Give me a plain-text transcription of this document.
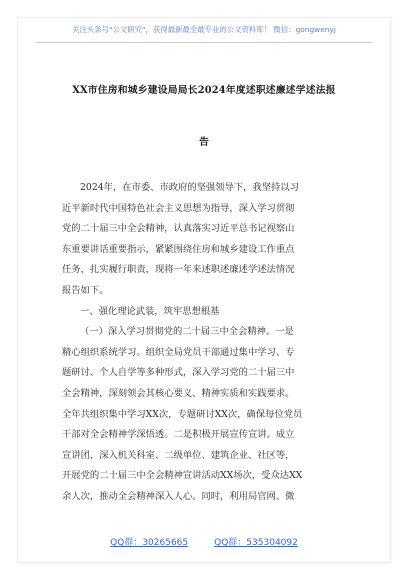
关注头条号"公文研究"，获得最新最全最专业的公文资料库！ 微信：gongwenyj
XX市住房和城乡建设局局长2024年度述职述廉述学述法报
告

2024年，在市委、市政府的坚强领导下，我坚持以习
近平新时代中国特色社会主义思想为指导，深入学习贯彻
党的二十届三中全会精神，认真落实习近平总书记视察山
东重要讲话重要指示，紧紧围绕住房和城乡建设工作重点
任务，扎实履行职责，现将一年来述职述廉述学述法情况
报告如下。
一、强化理论武装，筑牢思想根基
（一）深入学习贯彻党的二十届三中全会精神。一是
精心组织系统学习。组织全局党员干部通过集中学习、专
题研讨、个人自学等多种形式，深入学习党的二十届三中
全会精神，深刻领会其核心要义、精神实质和实践要求。
全年共组织集中学习XX次，专题研讨XX次，确保每位党员
干部对全会精神学深悟透。二是积极开展宣传宣讲。成立
宣讲团，深入机关科室、二级单位、建筑企业、社区等，
开展党的二十届三中全会精神宣讲活动XX场次，受众达XX
余人次，推动全会精神深入人心。同时，利用局官网、微

QQ群：30265665	QQ群：535304092
